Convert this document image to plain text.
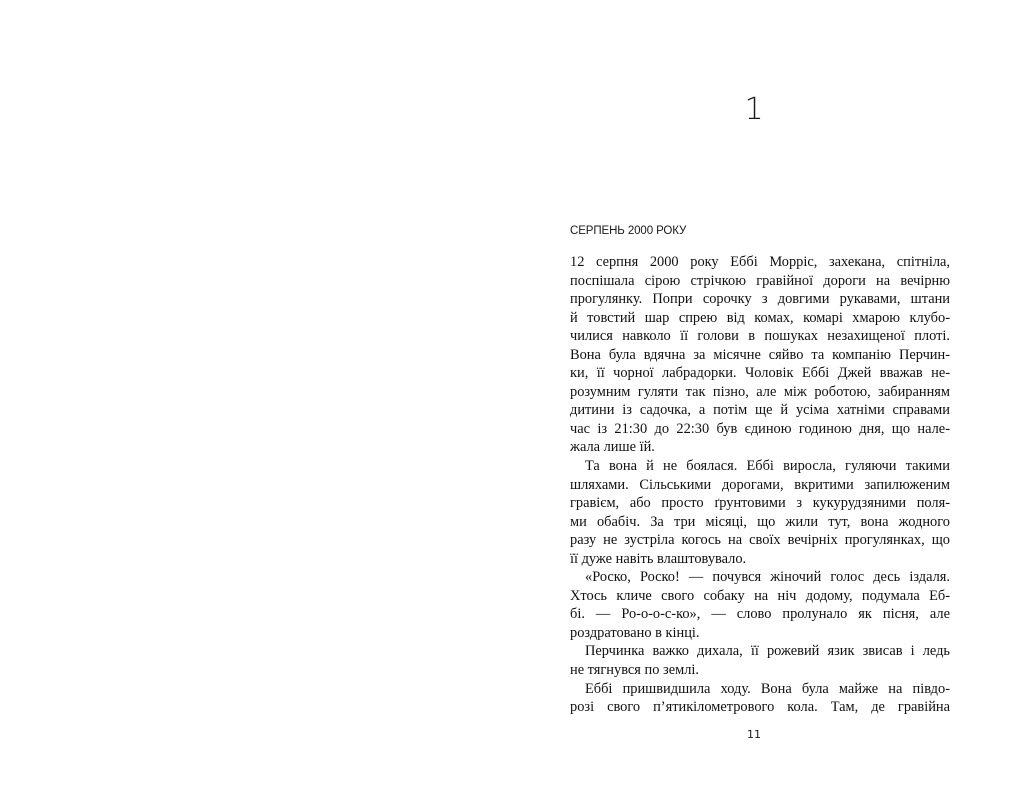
1
СЕРПЕНЬ 2000 РОКУ
12 серпня 2000 року Еббі Морріс, захекана, спітніла,
поспішала сірою стрічкою гравійної дороги на вечірню
прогулянку. Попри сорочку з довгими рукавами, штани
й товстий шар спрею від комах, комарі хмарою клубо-
чилися навколо її голови в пошуках незахищеної плоті.
Вона була вдячна за місячне сяйво та компанію Перчин-
ки, її чорної лабрадорки. Чоловік Еббі Джей вважав не-
розумним гуляти так пізно, але між роботою, забиранням
дитини із садочка, а потім ще й усіма хатніми справами
час із 21:30 до 22:30 був єдиною годиною дня, що нале-
жала лише їй.
Та вона й не боялася. Еббі виросла, гуляючи такими
шляхами. Сільськими дорогами, вкритими запилюженим
гравієм, або просто ґрунтовими з кукурудзяними поля-
ми обабіч. За три місяці, що жили тут, вона жодного
разу не зустріла когось на своїх вечірніх прогулянках, що
її дуже навіть влаштовувало.
«Роско, Роско! — почувся жіночий голос десь іздаля.
Хтось кличе свого собаку на ніч додому, подумала Еб-
бі. — Ро-о-о-с-ко», — слово пролунало як пісня, але
роздратовано в кінці.
Перчинка важко дихала, її рожевий язик звисав і ледь
не тягнувся по землі.
Еббі пришвидшила ходу. Вона була майже на півдо-
розі свого п’ятикілометрового кола. Там, де гравійна
11
